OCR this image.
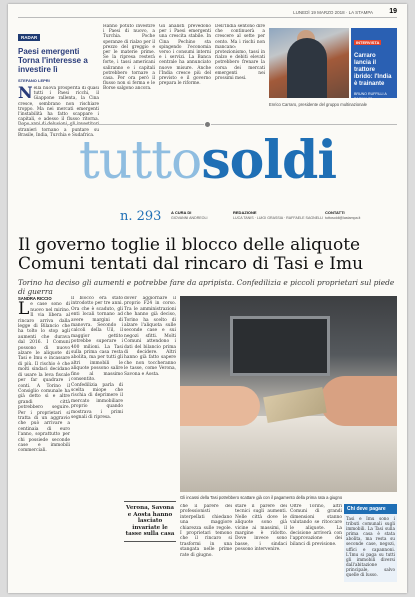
LUNEDÌ 19 MARZO 2018 · LA STAMPA 19
RADAR
Paesi emergenti Torna l'interesse a investire lì
STEFANO LEPRI
Nella nuova prosperità di quasi tutti i Paesi ricchi, il Giappone rallenta, la Cina cresce, sembrano non rischiare troppo. Ma nei mercati emergenti l'instabilità ha fatto scappare i capitali, e adesso il flusso ritorna. stranieri tornano a puntare su Brasile, India, Turchia e Sudafrica.
Hanno potuto investire i Paesi di nuovo, a Turchia. Poche speranze di rialzo per il prezzo del greggio e per le materie prime. Se la ripresa resterà forte, i tassi americani saliranno e i capitali potrebbero tornare a casa. Per ora però il flusso non si ferma e le Borse salgono ancora.
Gli analisti prevedono per i Paesi emergenti una crescita stabile. In Cina Pechino sta spingendo l'economia verso i consumi interni e i servizi. La Banca centrale ha annunciato nuove misure. Anche l'India cresce più del previsto e il governo prepara le riforme.
Dell'India sentono dire che continuerà a crescere al sette per cento. Ma i rischi non mancano: protezionismo, tassi in rialzo e debiti elevati potrebbero frenare la corsa dei mercati emergenti nei prossimi mesi.
INTERVISTA
Carraro lancia il trattore ibrido: l'India è trainante
BRUNO RUFFILLI A PAGINA 22
Enrico Carraro, presidente del gruppo multinazionale
tuttosoldi
n. 293 A CURA DI
GIOVANNI ANDREOLI
REDAZIONE
LUCA TANIS · LUIGI GRASSIA · RAFFAELE SAGNELLI
CONTATTI
tuttosoldi@lastampa.it
Il governo toglie il blocco delle aliquote Comuni tentati dal rincaro di Tasi e Imu
Torino ha deciso gli aumenti e potrebbe fare da apripista. Confedilizia e piccoli proprietari sul piede di guerra
SANDRA RICCIO
L e case sono di nuovo nel mirino. Il via libera al rincaro arriva dalla legge di Bilancio che ha tolto lo stop agli aumenti che durava dal 2016. I Comuni possono di nuovo alzare le aliquote di Tasi e Imu e incassare di più. Il rischio è che molti sindaci decidano di usare la leva fiscale per far quadrare i conti. A Torino il Consiglio comunale ha già detto sì e altre grandi città potrebbero seguire. Per i proprietari si tratta di un aggravio che può arrivare a centinaia di euro l'anno, soprattutto per chi possiede seconde case e immobili commerciali.
Il blocco era stato introdotto per tre anni. Ora che è scaduto, gli enti locali tornano ad avere margini di manovra. Secondo i calcoli della Uil, il maggior gettito potrebbe superare i 400 milioni. La Tasi sulla prima casa resta abolita, ma per tutti gli altri immobili le aliquote possono salire fino al massimo consentito. Confedilizia parla di scelta miope che rischia di deprimere il mercato immobiliare proprio quando mostrava i primi segnali di ripresa.
dover aggiornare il proprio F24 in corso. Tra le amministrazioni che hanno già deciso, Torino ha scelto di alzare l'aliquota sulle seconde case e sui negozi sfitti. Molti Comuni attendono i dati del bilancio prima di decidere. Altri hanno già fatto sapere che non toccheranno le tasse, come Verona, Savona e Aosta.
Verona, Savona e Aosta hanno lasciato invariate le tasse sulla casa
Gli incassi della Tasi potrebbero scattare già con il pagamento della prima rata a giugno
che il parere dei professionisti interpellati chiedano una maggiore chiarezza sulle regole. I proprietari temono che il rincaro si trasformi in una stangata nelle prime rate di giugno.
stare il parere dei tecnici sugli aumenti. Nelle città dove le aliquote sono già vicine ai massimi, il margine è ridotto. Dove invece sono basse, i sindaci possono intervenire.
Oltre Torino, altri Comuni di grandi dimensioni stanno valutando se ritoccare le aliquote. La decisione arriverà con l'approvazione dei bilanci di previsione.
Chi deve pagare
Tasi e Imu sono i tributi comunali sugli immobili. La Tasi sulla prima casa è stata abolita, ma resta su seconde case, negozi, uffici e capannoni. L'Imu si paga su tutti gli immobili diversi dall'abitazione principale, salvo quelle di lusso.
